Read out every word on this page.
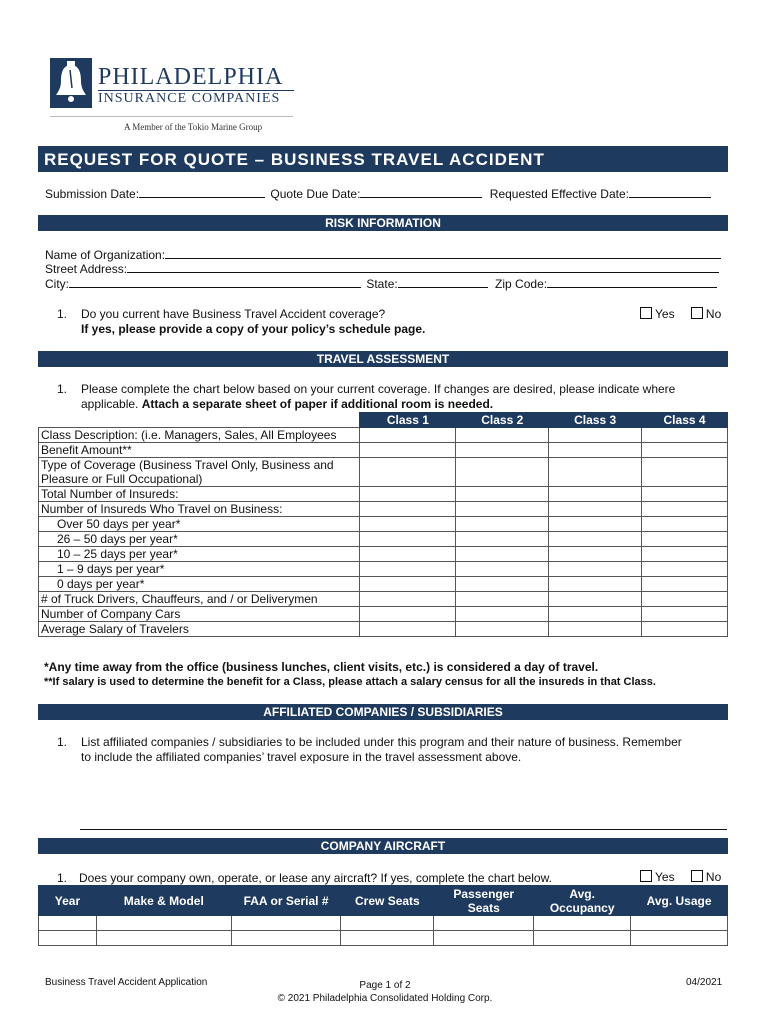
PHILADELPHIA
INSURANCE COMPANIES
A Member of the Tokio Marine Group
REQUEST FOR QUOTE – BUSINESS TRAVEL ACCIDENT
Submission Date:	Quote Due Date:	Requested Effective Date:
RISK INFORMATION
Name of Organization:
Street Address:
City:	State:	Zip Code:
1. Do you current have Business Travel Accident coverage?
If yes, please provide a copy of your policy’s schedule page.
Yes	No
TRAVEL ASSESSMENT
1. Please complete the chart below based on your current coverage. If changes are desired, please indicate where
applicable. Attach a separate sheet of paper if additional room is needed.
	Class 1	Class 2	Class 3	Class 4
Class Description: (i.e. Managers, Sales, All Employees				
Benefit Amount**				
Type of Coverage (Business Travel Only, Business and Pleasure or Full Occupational)				
Total Number of Insureds:				
Number of Insureds Who Travel on Business:				
Over 50 days per year*				
26 – 50 days per year*				
10 – 25 days per year*				
1 – 9 days per year*				
0 days per year*				
# of Truck Drivers, Chauffeurs, and / or Deliverymen				
Number of Company Cars				
Average Salary of Travelers				
*Any time away from the office (business lunches, client visits, etc.) is considered a day of travel.
**If salary is used to determine the benefit for a Class, please attach a salary census for all the insureds in that Class.
AFFILIATED COMPANIES / SUBSIDIARIES
1. List affiliated companies / subsidiaries to be included under this program and their nature of business. Remember
to include the affiliated companies’ travel exposure in the travel assessment above.
COMPANY AIRCRAFT
1. Does your company own, operate, or lease any aircraft? If yes, complete the chart below.	Yes	No
Year	Make & Model	FAA or Serial #	Crew Seats	Passenger Seats	Avg. Occupancy	Avg. Usage

Business Travel Accident Application	Page 1 of 2
© 2021 Philadelphia Consolidated Holding Corp.
04/2021
